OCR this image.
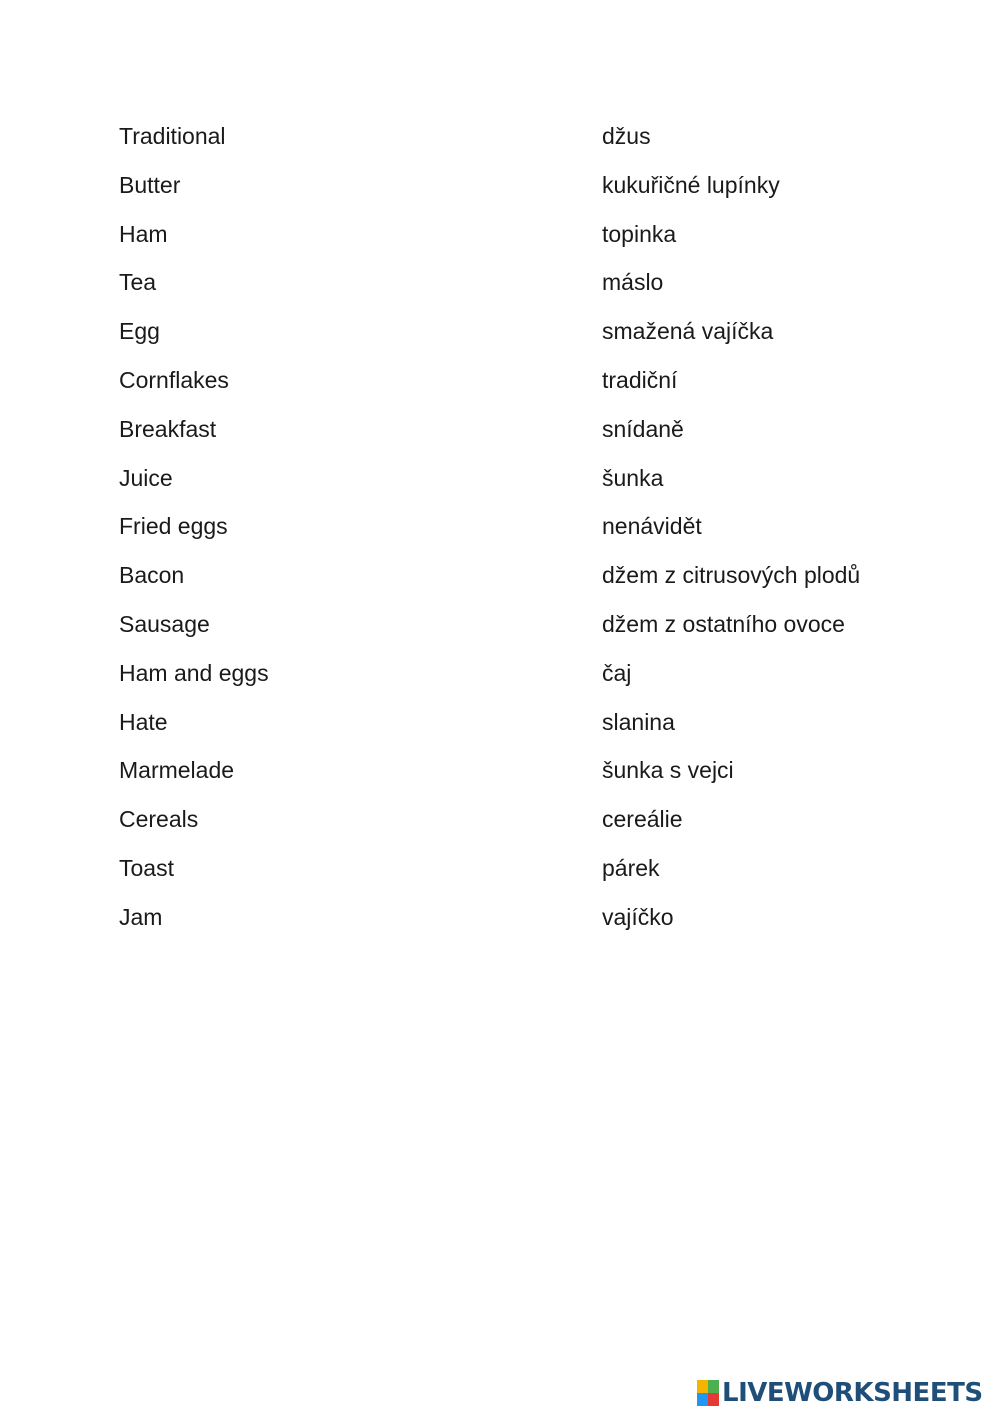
Traditional
Butter
Ham
Tea
Egg
Cornflakes
Breakfast
Juice
Fried eggs
Bacon
Sausage
Ham and eggs
Hate
Marmelade
Cereals
Toast
Jam
džus
kukuřičné lupínky
topinka
máslo
smažená vajíčka
tradiční
snídaně
šunka
nenávidět
džem z citrusových plodů
džem z ostatního ovoce
čaj
slanina
šunka s vejci
cereálie
párek
vajíčko
LIVEWORKSHEETS
